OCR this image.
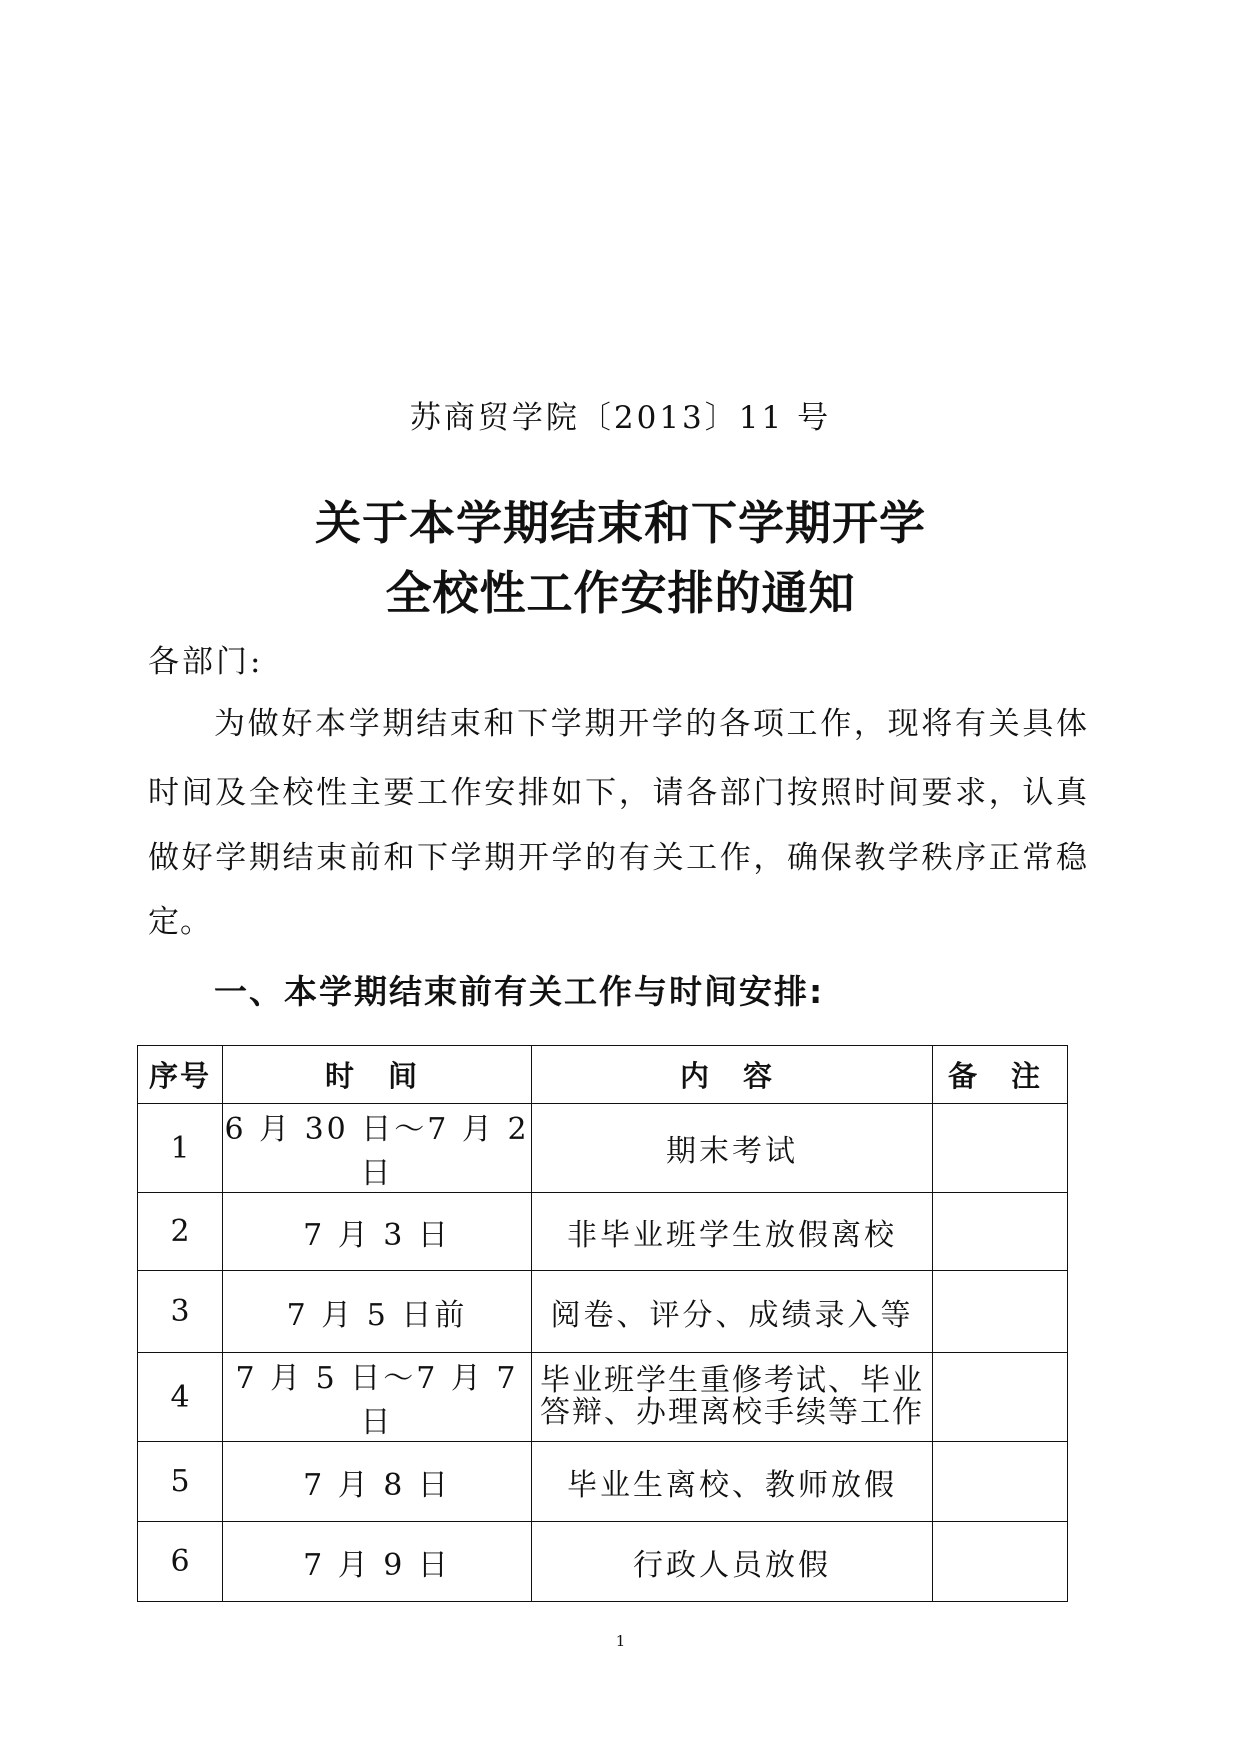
苏商贸学院〔2013〕11 号
关于本学期结束和下学期开学
全校性工作安排的通知
各部门:
为做好本学期结束和下学期开学的各项工作，现将有关具体
时间及全校性主要工作安排如下，请各部门按照时间要求，认真
做好学期结束前和下学期开学的有关工作，确保教学秩序正常稳
定。
一、本学期结束前有关工作与时间安排:
序号	时 间	内 容	备 注
1	6 月 30 日～7 月 2 日	期末考试	
2	7 月 3 日	非毕业班学生放假离校	
3	7 月 5 日前	阅卷、评分、成绩录入等	
4	7 月 5 日～7 月 7 日	毕业班学生重修考试、毕业
答辩、办理离校手续等工作	

5	7 月 8 日	毕业生离校、教师放假	
6	7 月 9 日	行政人员放假	
1
